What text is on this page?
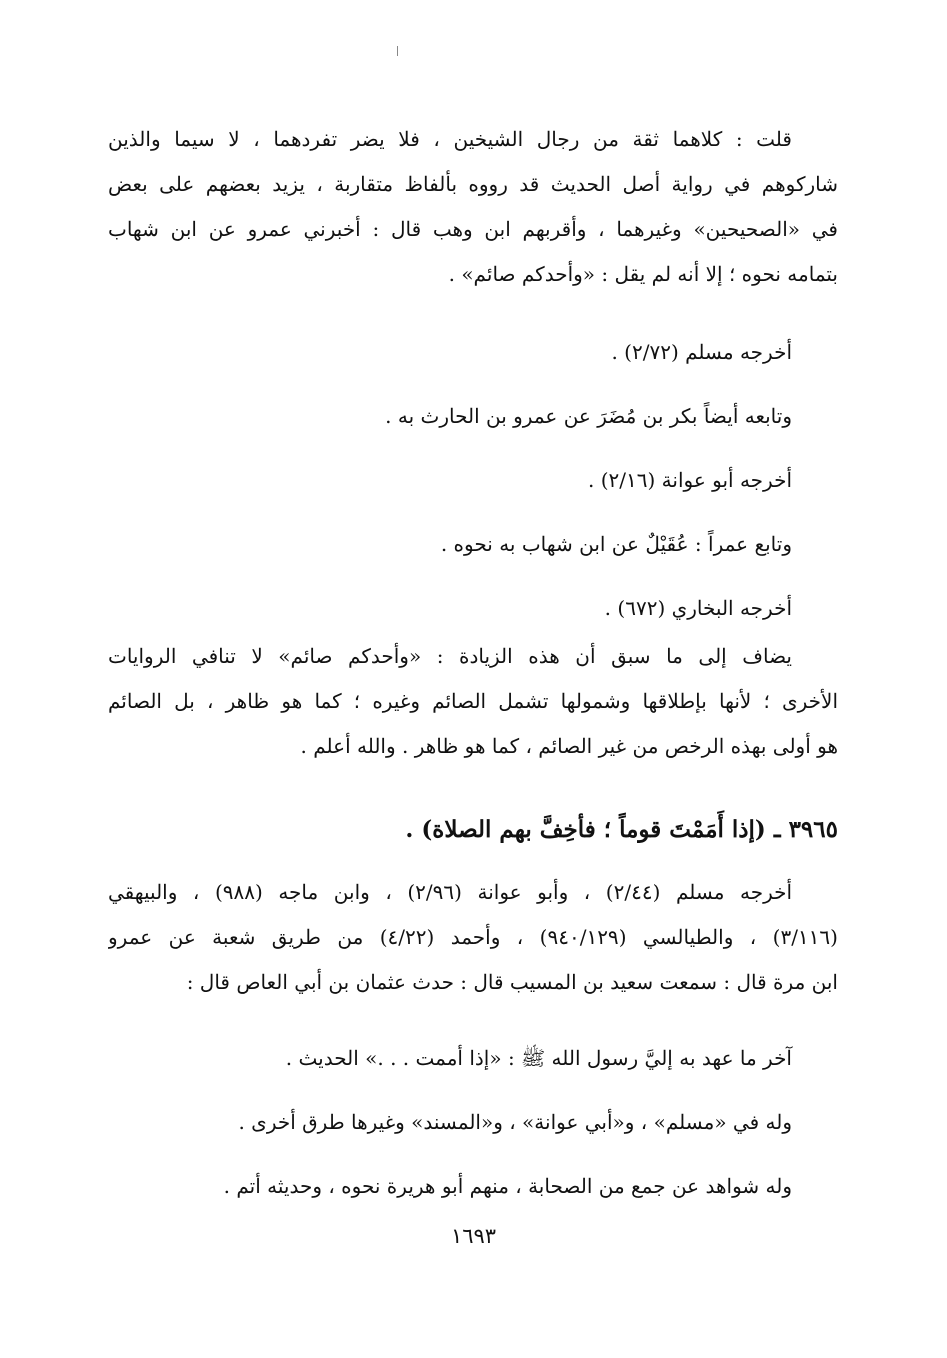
قلت : كلاهما ثقة من رجال الشيخين ، فلا يضر تفردهما ، لا سيما والذين
شاركوهم في رواية أصل الحديث قد رووه بألفاظ متقاربة ، يزيد بعضهم على بعض
في «الصحيحين» وغيرهما ، وأقربهم ابن وهب قال : أخبرني عمرو عن ابن شهاب
بتمامه نحوه ؛ إلا أنه لم يقل : «وأحدكم صائم» .
أخرجه مسلم (٢/٧٢) .
وتابعه أيضاً بكر بن مُضَرَ عن عمرو بن الحارث به .
أخرجه أبو عوانة (٢/١٦) .
وتابع عمراً : عُقَيْلٌ عن ابن شهاب به نحوه .
أخرجه البخاري (٦٧٢) .
يضاف إلى ما سبق أن هذه الزيادة : «وأحدكم صائم» لا تنافي الروايات
الأخرى ؛ لأنها بإطلاقها وشمولها تشمل الصائم وغيره ؛ كما هو ظاهر ، بل الصائم
هو أولى بهذه الرخص من غير الصائم ، كما هو ظاهر . والله أعلم .
٣٩٦٥ ـ (إذا أَمَمْتَ قوماً ؛ فأخِفَّ بهم الصلاة) .
أخرجه مسلم (٢/٤٤) ، وأبو عوانة (٢/٩٦) ، وابن ماجه (٩٨٨) ، والبيهقي
(٣/١١٦) ، والطيالسي (٩٤٠/١٢٩) ، وأحمد (٤/٢٢) من طريق شعبة عن عمرو
ابن مرة قال : سمعت سعيد بن المسيب قال : حدث عثمان بن أبي العاص قال :
آخر ما عهد به إليَّ رسول الله ﷺ : «إذا أممت . . .» الحديث .
وله في «مسلم» ، و«أبي عوانة» ، و«المسند» وغيرها طرق أخرى .
وله شواهد عن جمع من الصحابة ، منهم أبو هريرة نحوه ، وحديثه أتم .
١٦٩٣
